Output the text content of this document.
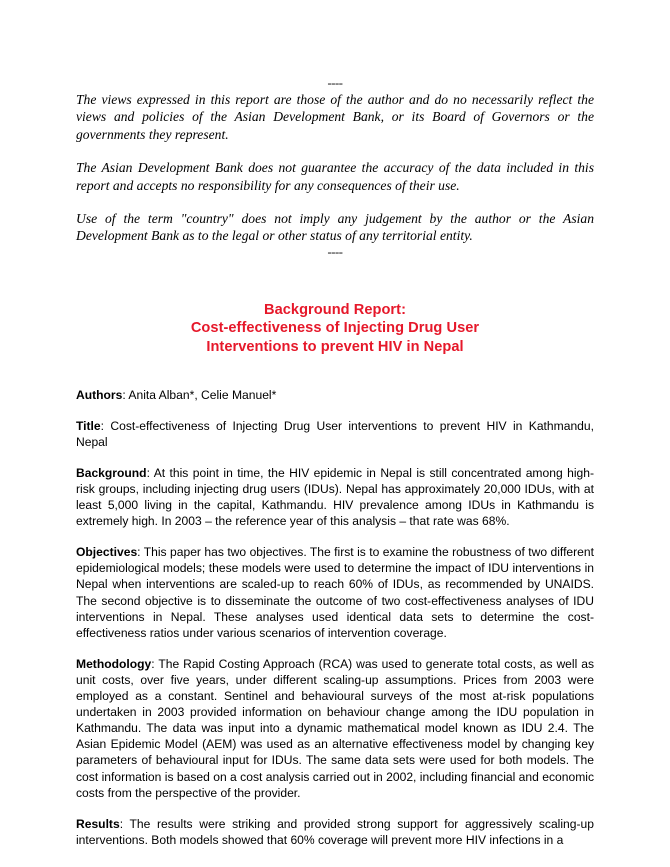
----

The views expressed in this report are those of the author and do no necessarily reflect the views and policies of the Asian Development Bank, or its Board of Governors or the governments they represent.

The Asian Development Bank does not guarantee the accuracy of the data included in this report and accepts no responsibility for any consequences of their use.

Use of the term "country" does not imply any judgement by the author or the Asian Development Bank as to the legal or other status of any territorial entity.

----
Background Report:
Cost-effectiveness of Injecting Drug User
Interventions to prevent HIV in Nepal

Authors: Anita Alban*, Celie Manuel*

Title: Cost-effectiveness of Injecting Drug User interventions to prevent HIV in Kathmandu, Nepal

Background: At this point in time, the HIV epidemic in Nepal is still concentrated among high-risk groups, including injecting drug users (IDUs). Nepal has approximately 20,000 IDUs, with at least 5,000 living in the capital, Kathmandu. HIV prevalence among IDUs in Kathmandu is extremely high. In 2003 – the reference year of this analysis – that rate was 68%.

Objectives: This paper has two objectives. The first is to examine the robustness of two different epidemiological models; these models were used to determine the impact of IDU interventions in Nepal when interventions are scaled-up to reach 60% of IDUs, as recommended by UNAIDS. The second objective is to disseminate the outcome of two cost-effectiveness analyses of IDU interventions in Nepal. These analyses used identical data sets to determine the cost-effectiveness ratios under various scenarios of intervention coverage.

Methodology: The Rapid Costing Approach (RCA) was used to generate total costs, as well as unit costs, over five years, under different scaling-up assumptions. Prices from 2003 were employed as a constant. Sentinel and behavioural surveys of the most at-risk populations undertaken in 2003 provided information on behaviour change among the IDU population in Kathmandu. The data was input into a dynamic mathematical model known as IDU 2.4. The Asian Epidemic Model (AEM) was used as an alternative effectiveness model by changing key parameters of behavioural input for IDUs. The same data sets were used for both models. The cost information is based on a cost analysis carried out in 2002, including financial and economic costs from the perspective of the provider.

Results: The results were striking and provided strong support for aggressively scaling-up interventions. Both models showed that 60% coverage will prevent more HIV infections in a
